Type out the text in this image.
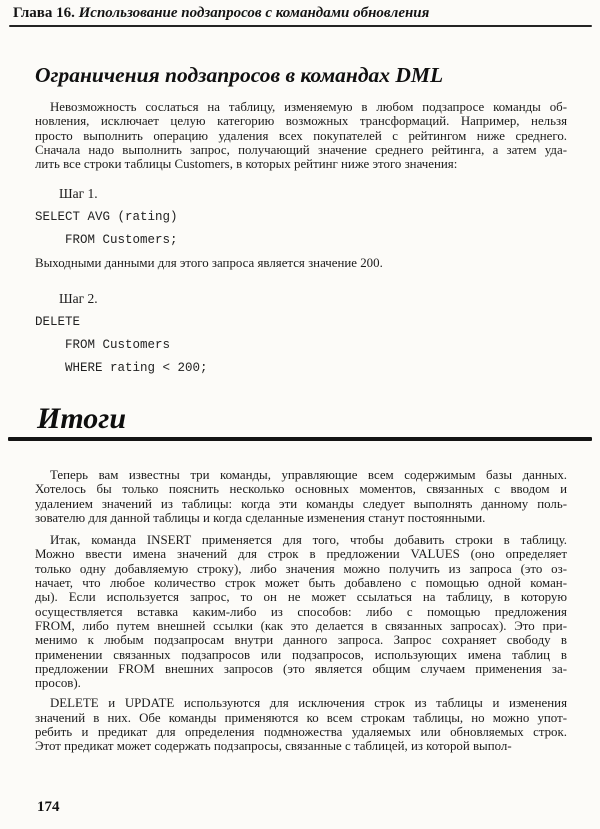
Глава 16. Использование подзапросов с командами обновления
Ограничения подзапросов в командах DML
Невозможность сослаться на таблицу, изменяемую в любом подзапросе команды об-
новления, исключает целую категорию возможных трансформаций. Например, нельзя
просто выполнить операцию удаления всех покупателей с рейтингом ниже среднего.
Сначала надо выполнить запрос, получающий значение среднего рейтинга, а затем уда-
лить все строки таблицы Customers, в которых рейтинг ниже этого значения:
Шаг 1.
SELECT AVG (rating)
FROM Customers;
Выходными данными для этого запроса является значение 200.
Шаг 2.
DELETE
FROM Customers
WHERE rating < 200;
Итоги
Теперь вам известны три команды, управляющие всем содержимым базы данных.
Хотелось бы только пояснить несколько основных моментов, связанных с вводом и
удалением значений из таблицы: когда эти команды следует выполнять данному поль-
зователю для данной таблицы и когда сделанные изменения станут постоянными.
Итак, команда INSERT применяется для того, чтобы добавить строки в таблицу.
Можно ввести имена значений для строк в предложении VALUES (оно определяет
только одну добавляемую строку), либо значения можно получить из запроса (это оз-
начает, что любое количество строк может быть добавлено с помощью одной коман-
ды). Если используется запрос, то он не может ссылаться на таблицу, в которую
осуществляется вставка каким-либо из способов: либо с помощью предложения
FROM, либо путем внешней ссылки (как это делается в связанных запросах). Это при-
менимо к любым подзапросам внутри данного запроса. Запрос сохраняет свободу в
применении связанных подзапросов или подзапросов, использующих имена таблиц в
предложении FROM внешних запросов (это является общим случаем применения за-
просов).
DELETE и UPDATE используются для исключения строк из таблицы и изменения
значений в них. Обе команды применяются ко всем строкам таблицы, но можно упот-
ребить и предикат для определения подмножества удаляемых или обновляемых строк.
Этот предикат может содержать подзапросы, связанные с таблицей, из которой выпол-
174
